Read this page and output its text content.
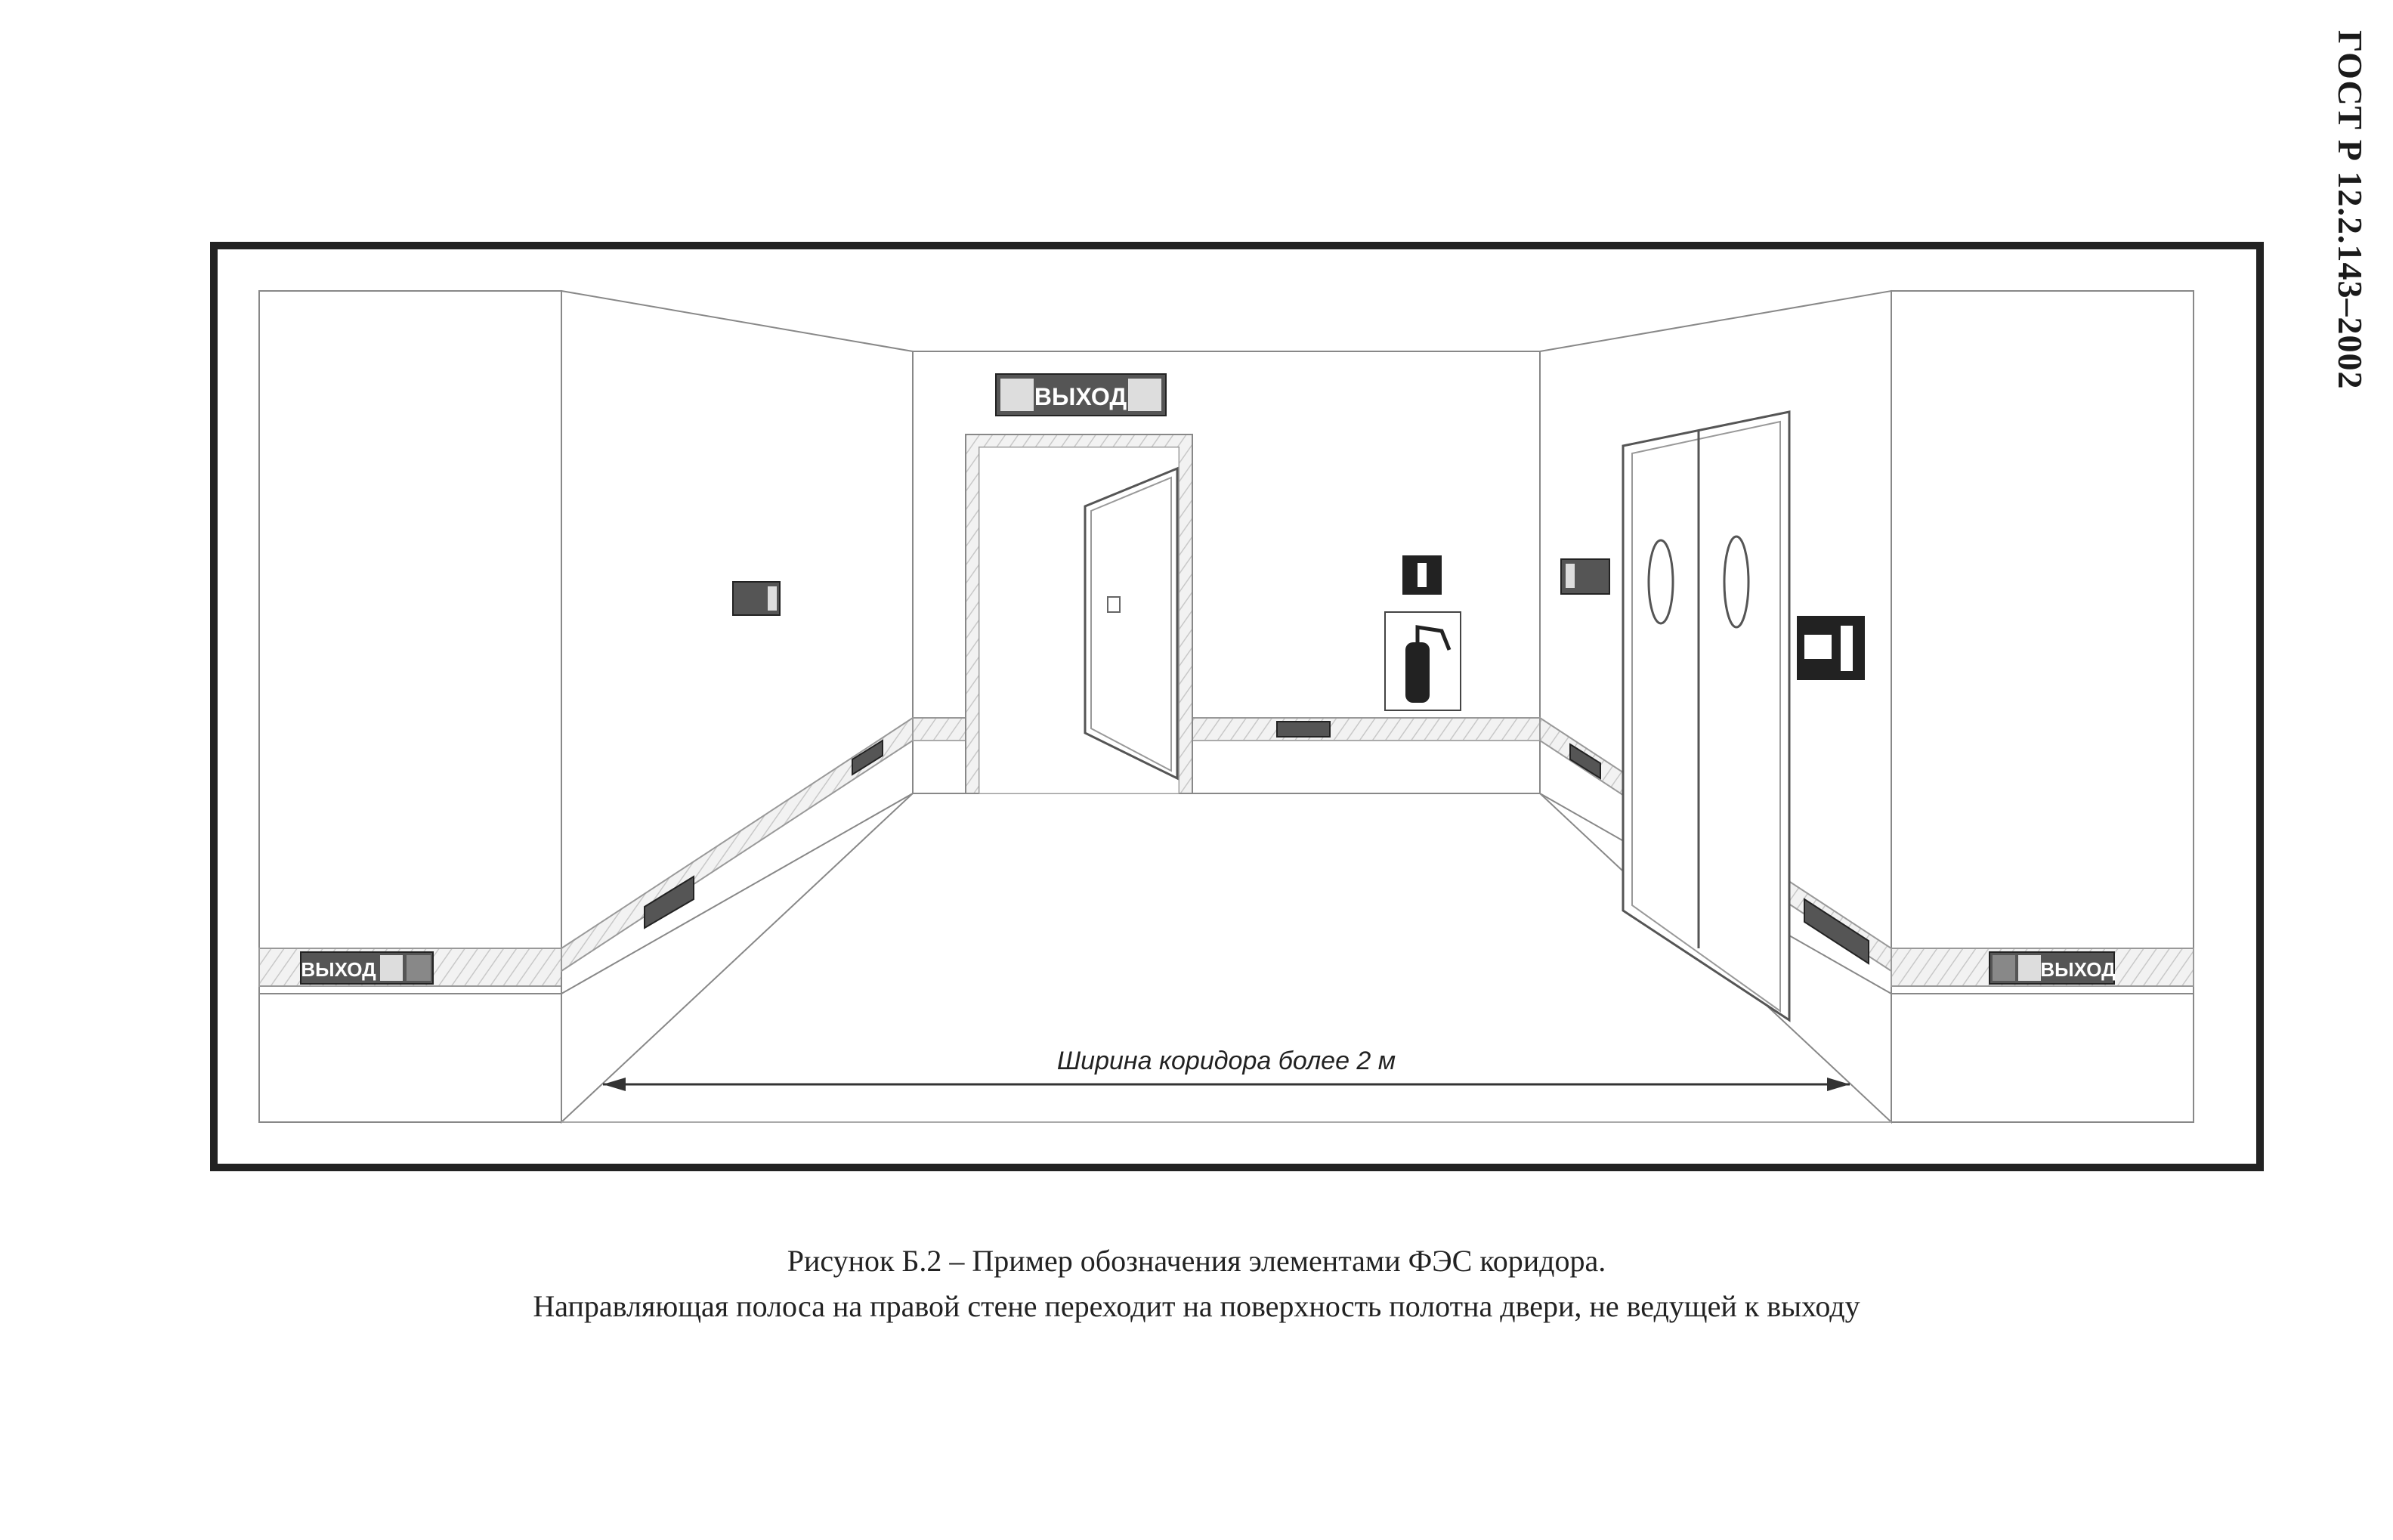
ГОСТ Р 12.2.143–2002
ВЫХОД
ВЫХОД	ВЫХОД
Ширина коридора более 2 м
Рисунок Б.2 – Пример обозначения элементами ФЭС коридора.
Направляющая полоса на правой стене переходит на поверхность полотна двери, не ведущей к выходу
